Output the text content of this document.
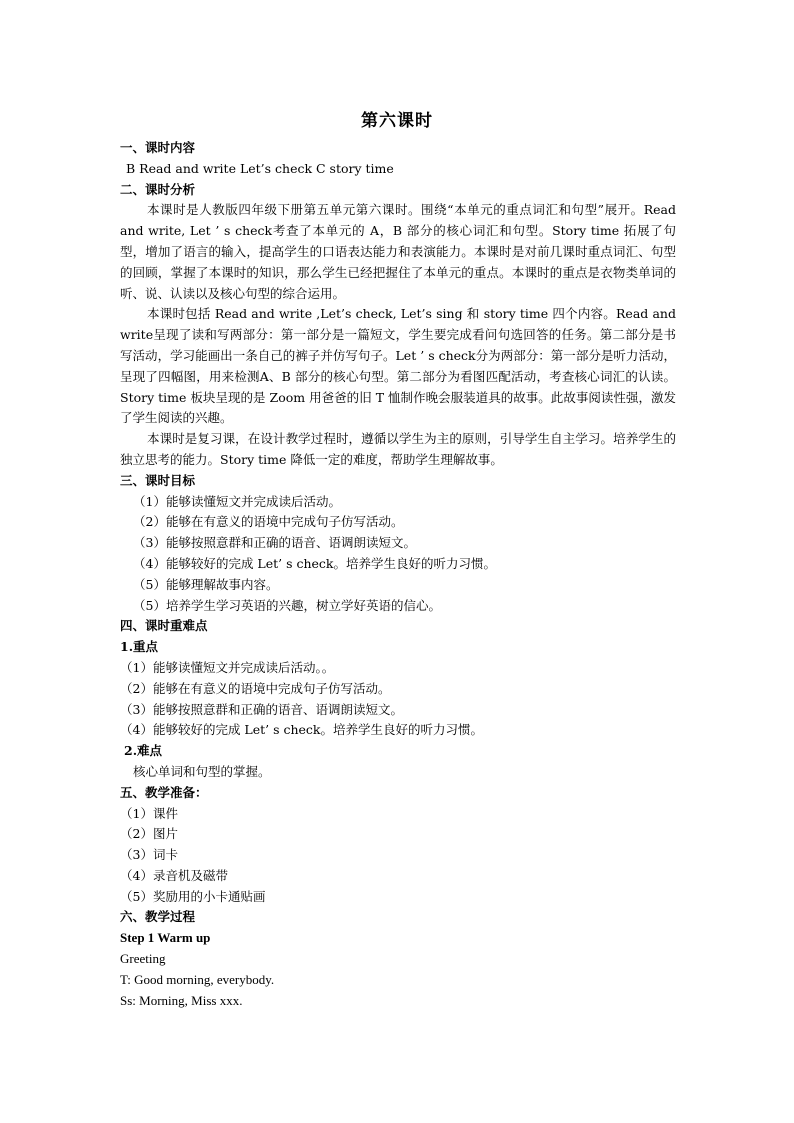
第六课时
一、课时内容
B Read and write Let’s check C story time
二、课时分析
本课时是人教版四年级下册第五单元第六课时。围绕“本单元的重点词汇和句型”展开。Read and write, Let ’ s check考查了本单元的 A，B 部分的核心词汇和句型。Story time 拓展了句型，增加了语言的输入，提高学生的口语表达能力和表演能力。本课时是对前几课时重点词汇、句型的回顾，掌握了本课时的知识，那么学生已经把握住了本单元的重点。本课时的重点是衣物类单词的听、说、认读以及核心句型的综合运用。
本课时包括 Read and write ,Let’s check, Let’s sing 和 story time 四个内容。Read and write呈现了读和写两部分：第一部分是一篇短文，学生要完成看问句选回答的任务。第二部分是书写活动，学习能画出一条自己的裤子并仿写句子。Let ’ s check分为两部分：第一部分是听力活动，呈现了四幅图，用来检测A、B 部分的核心句型。第二部分为看图匹配活动，考查核心词汇的认读。Story time 板块呈现的是 Zoom 用爸爸的旧 T 恤制作晚会服装道具的故事。此故事阅读性强，激发了学生阅读的兴趣。
本课时是复习课，在设计教学过程时，遵循以学生为主的原则，引导学生自主学习。培养学生的独立思考的能力。Story time 降低一定的难度，帮助学生理解故事。
三、课时目标
（1）能够读懂短文并完成读后活动。
（2）能够在有意义的语境中完成句子仿写活动。
（3）能够按照意群和正确的语音、语调朗读短文。
（4）能够较好的完成 Let’ s check。培养学生良好的听力习惯。
（5）能够理解故事内容。
（5）培养学生学习英语的兴趣，树立学好英语的信心。
四、课时重难点
1.重点
（1）能够读懂短文并完成读后活动。。
（2）能够在有意义的语境中完成句子仿写活动。
（3）能够按照意群和正确的语音、语调朗读短文。
（4）能够较好的完成 Let’ s check。培养学生良好的听力习惯。
2.难点
核心单词和句型的掌握。
五、教学准备：
（1）课件
（2）图片
（3）词卡
（4）录音机及磁带
（5）奖励用的小卡通贴画
六、教学过程
Step 1 Warm up
Greeting
T: Good morning, everybody.
Ss: Morning, Miss xxx.
